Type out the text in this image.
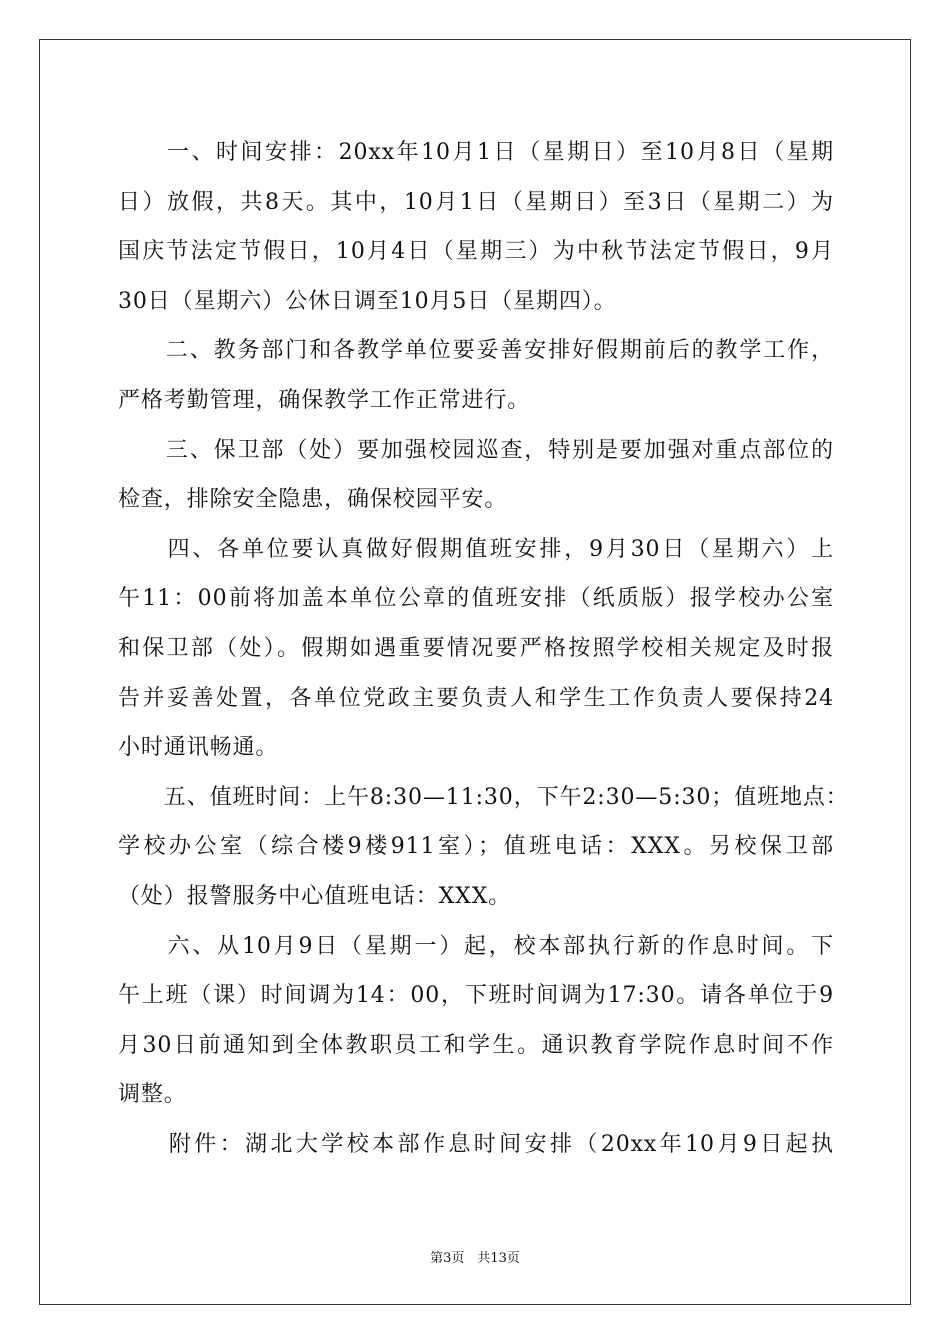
　　一、时间安排：20xx年10月1日（星期日）至10月8日（星期
日）放假，共8天。其中，10月1日（星期日）至3日（星期二）为
国庆节法定节假日，10月4日（星期三）为中秋节法定节假日，9月
30日（星期六）公休日调至10月5日（星期四）。
　　二、教务部门和各教学单位要妥善安排好假期前后的教学工作，
严格考勤管理，确保教学工作正常进行。
　　三、保卫部（处）要加强校园巡查，特别是要加强对重点部位的
检查，排除安全隐患，确保校园平安。
　　四、各单位要认真做好假期值班安排，9月30日（星期六）上
午11：00前将加盖本单位公章的值班安排（纸质版）报学校办公室
和保卫部（处）。假期如遇重要情况要严格按照学校相关规定及时报
告并妥善处置，各单位党政主要负责人和学生工作负责人要保持24
小时通讯畅通。
　　五、值班时间：上午8:30—11:30，下午2:30—5:30；值班地点：
学校办公室（综合楼9楼911室）；值班电话：XXX。另校保卫部
（处）报警服务中心值班电话：XXX。
　　六、从10月9日（星期一）起，校本部执行新的作息时间。下
午上班（课）时间调为14：00，下班时间调为17:30。请各单位于9
月30日前通知到全体教职员工和学生。通识教育学院作息时间不作
调整。
　　附件：湖北大学校本部作息时间安排（20xx年10月9日起执
第3页　共13页
